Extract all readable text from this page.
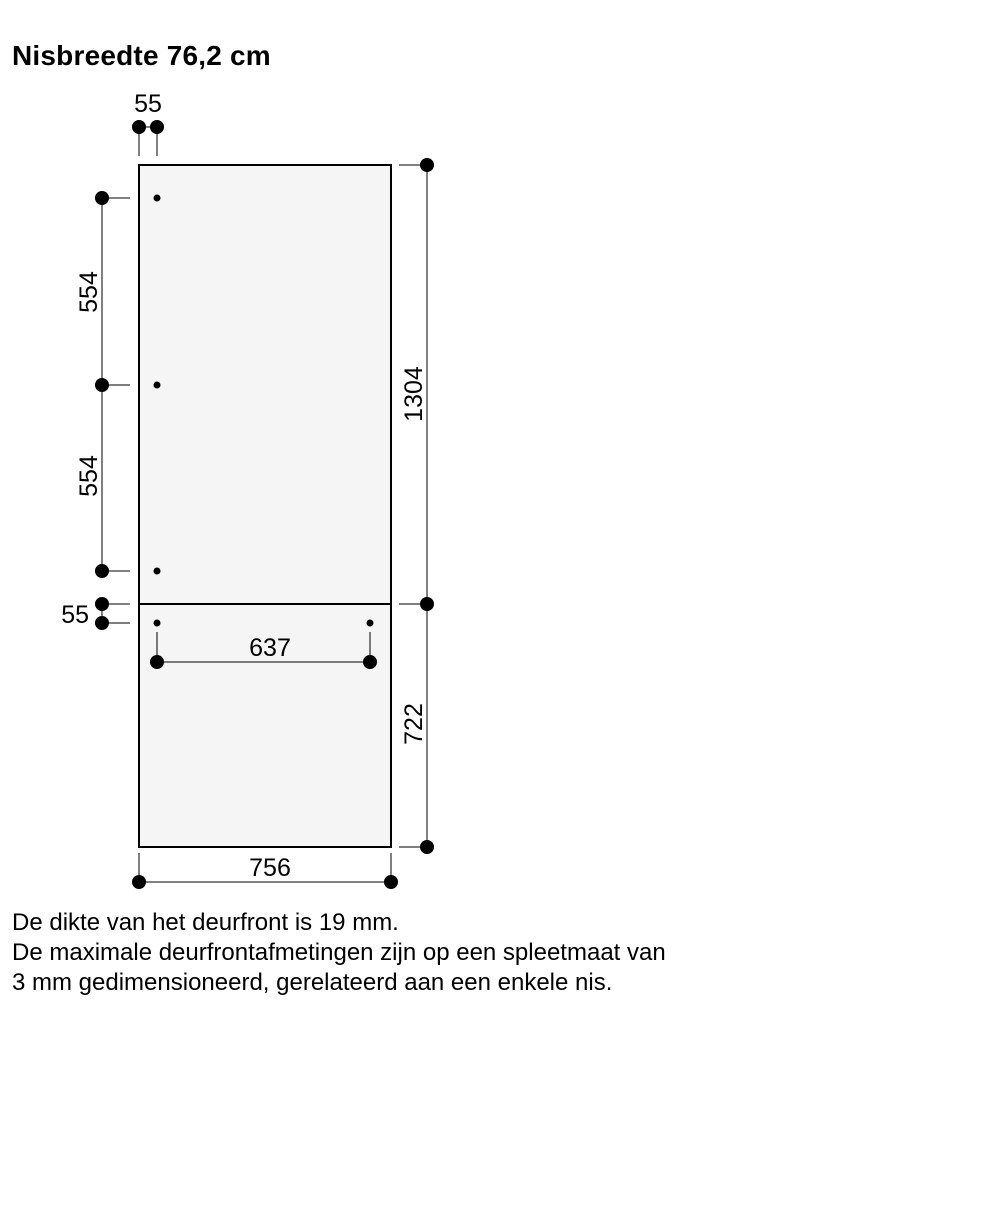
Nisbreedte 76,2 cm
55
554
554
55
1304
722
637
756

De dikte van het deurfront is 19 mm.

De maximale deurfrontafmetingen zijn op een spleetmaat van

3 mm gedimensioneerd, gerelateerd aan een enkele nis.
